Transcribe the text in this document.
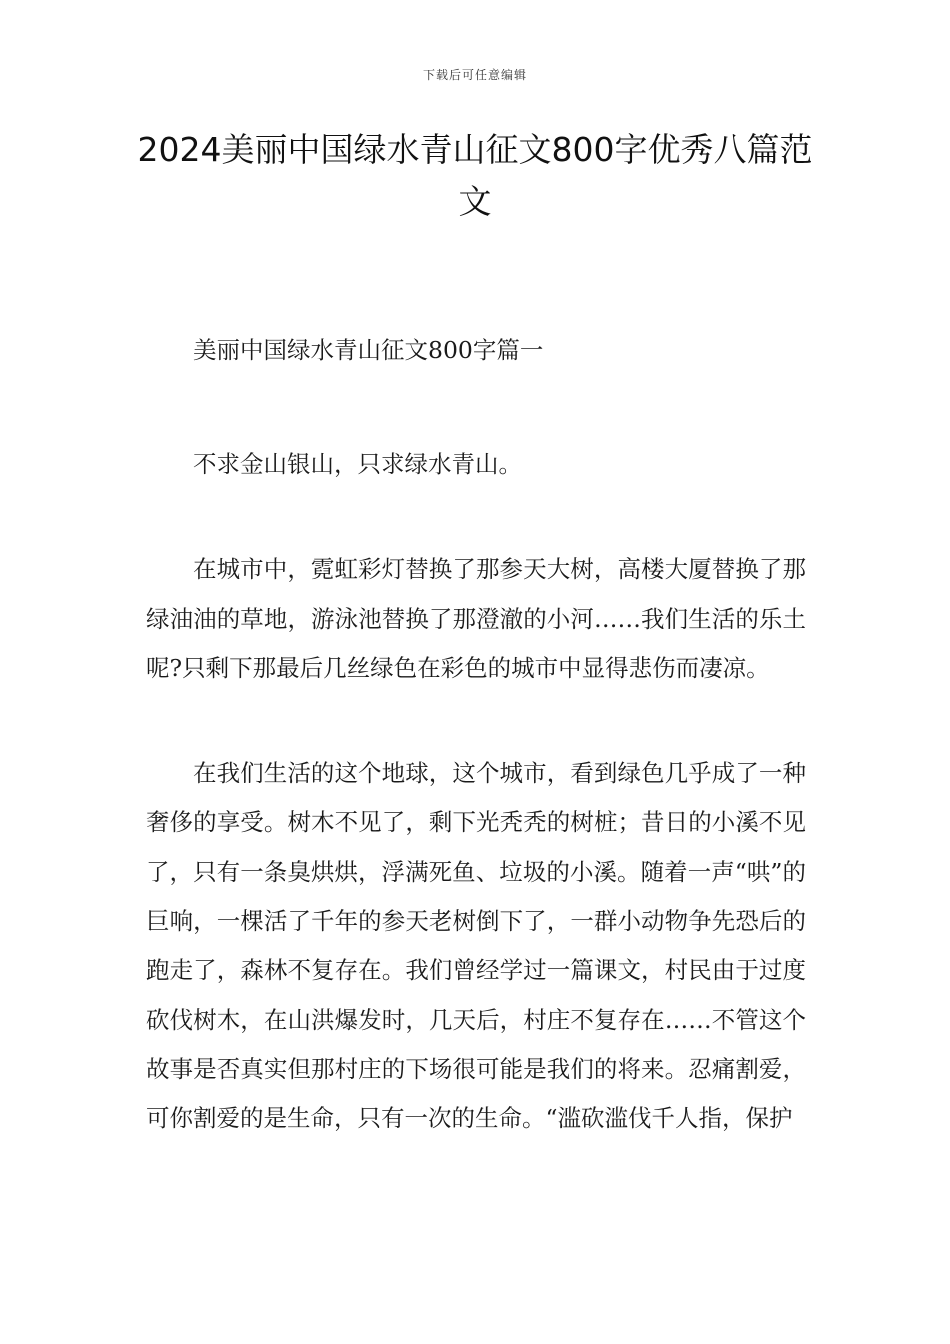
下载后可任意编辑
2024美丽中国绿水青山征文800字优秀八篇范文

美丽中国绿水青山征文800字篇一

不求金山银山，只求绿水青山。

在城市中，霓虹彩灯替换了那参天大树，高楼大厦替换了那绿油油的草地，游泳池替换了那澄澈的小河……我们生活的乐土呢?只剩下那最后几丝绿色在彩色的城市中显得悲伤而凄凉。

在我们生活的这个地球，这个城市，看到绿色几乎成了一种奢侈的享受。树木不见了，剩下光秃秃的树桩；昔日的小溪不见了，只有一条臭烘烘，浮满死鱼、垃圾的小溪。随着一声“哄”的巨响，一棵活了千年的参天老树倒下了，一群小动物争先恐后的跑走了，森林不复存在。我们曾经学过一篇课文，村民由于过度砍伐树木，在山洪爆发时，几天后，村庄不复存在……不管这个故事是否真实但那村庄的下场很可能是我们的将来。忍痛割爱，可你割爱的是生命，只有一次的生命。“滥砍滥伐千人指，保护
